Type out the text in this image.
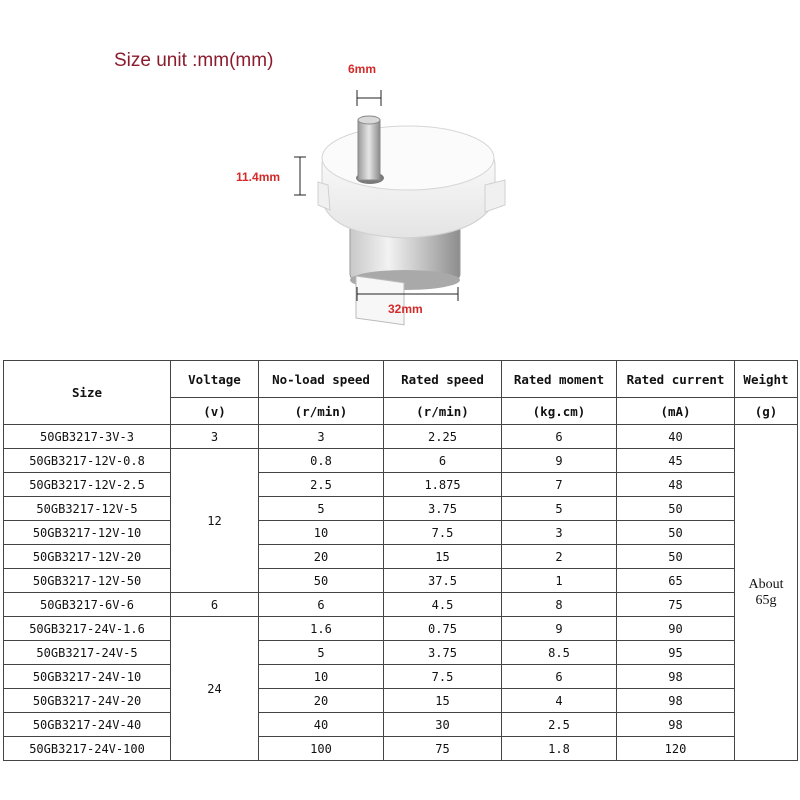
Size unit :mm(mm)	6mm
11.4mm
32mm
Size	Voltage	No-load speed	Rated speed	Rated moment	Rated current	Weight
	(v)	(r/min)	(r/min)	(kg.cm)	(mA)	(g)
50GB3217-3V-3	3	3	2.25	6	40	About
65g
50GB3217-12V-0.8	12	0.8	6	9	45	
50GB3217-12V-2.5		2.5	1.875	7	48	
50GB3217-12V-5		5	3.75	5	50	
50GB3217-12V-10		10	7.5	3	50	
50GB3217-12V-20		20	15	2	50	
50GB3217-12V-50		50	37.5	1	65	
50GB3217-6V-6	6	6	4.5	8	75	
50GB3217-24V-1.6	24	1.6	0.75	9	90	
50GB3217-24V-5		5	3.75	8.5	95	
50GB3217-24V-10		10	7.5	6	98	
50GB3217-24V-20		20	15	4	98	
50GB3217-24V-40		40	30	2.5	98	
50GB3217-24V-100		100	75	1.8	120	
